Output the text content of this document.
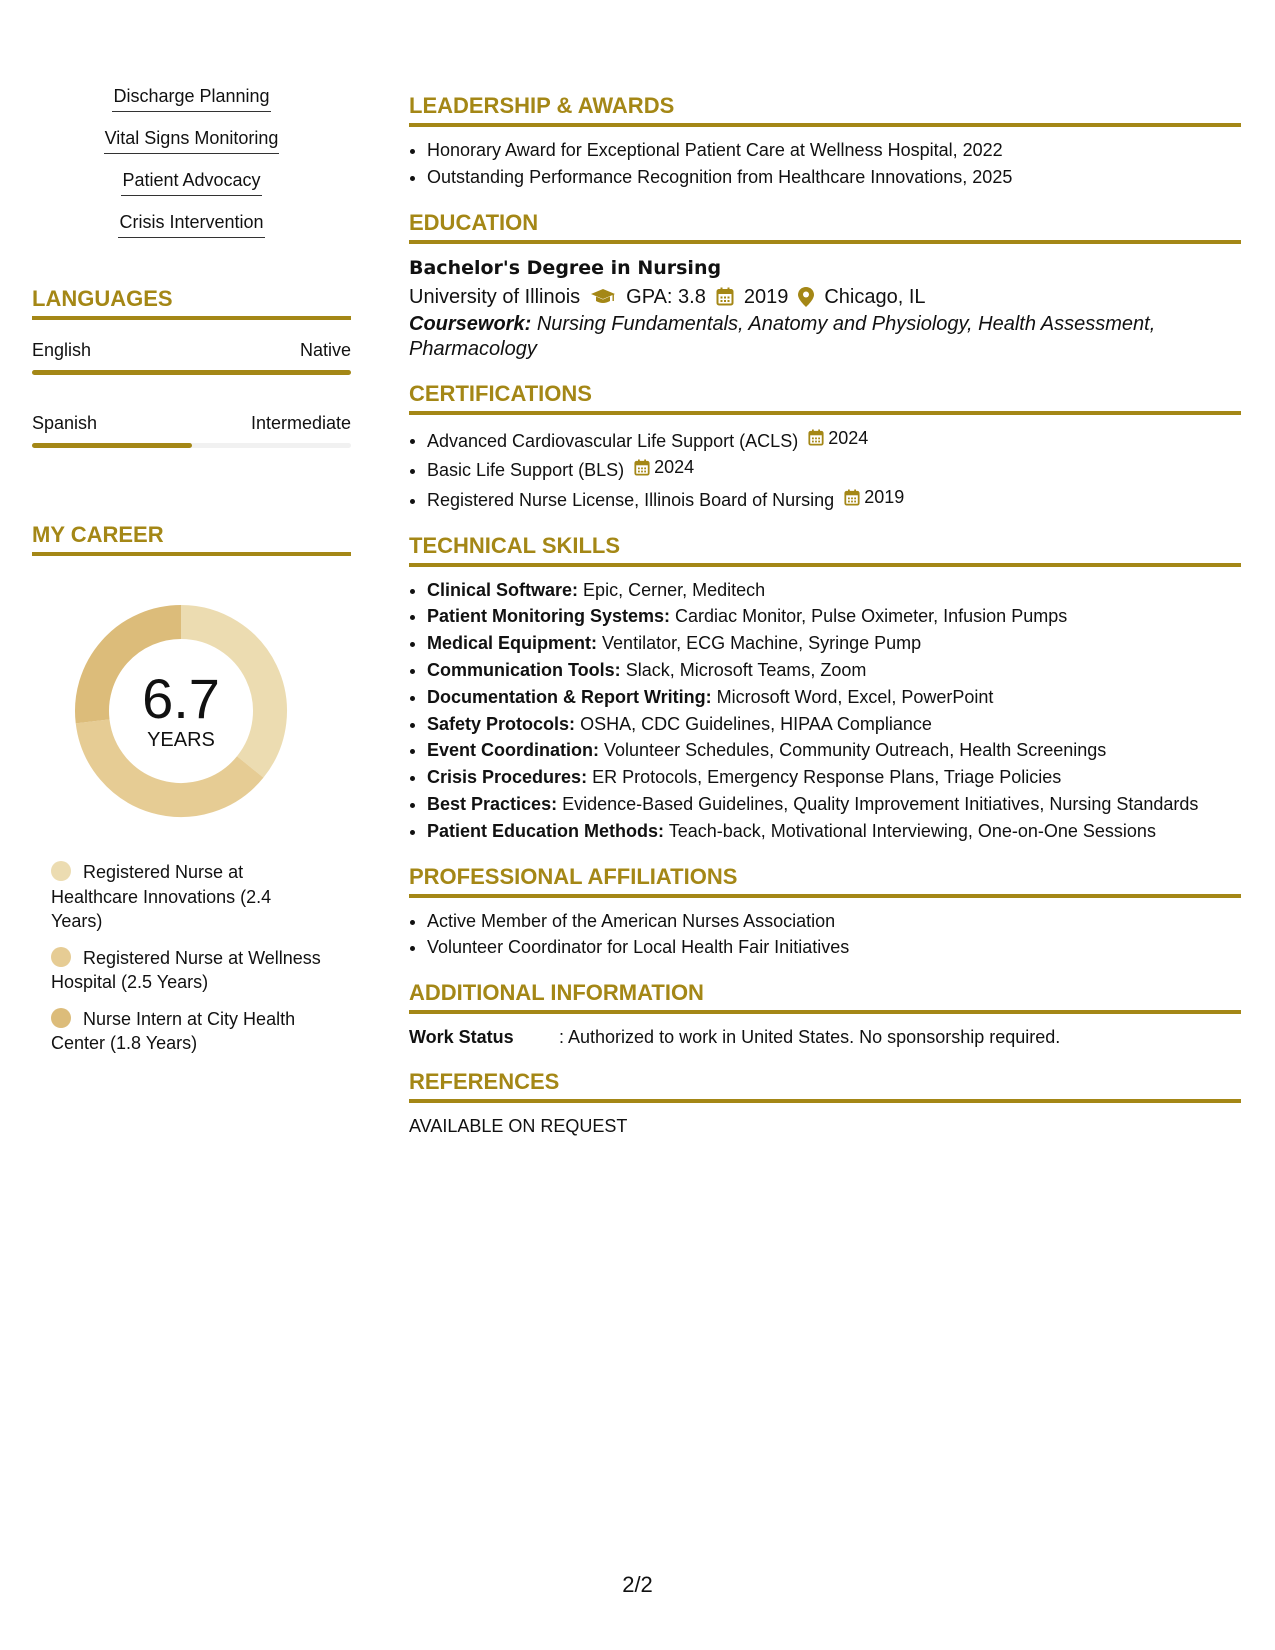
Discharge Planning
Vital Signs Monitoring
Patient Advocacy
Crisis Intervention
LANGUAGES
English	Native
Spanish	Intermediate
MY CAREER
6.7
YEARS
Registered Nurse at Healthcare Innovations (2.4 Years)
Registered Nurse at Wellness Hospital (2.5 Years)
Nurse Intern at City Health Center (1.8 Years)
LEADERSHIP & AWARDS
• Honorary Award for Exceptional Patient Care at Wellness Hospital, 2022
• Outstanding Performance Recognition from Healthcare Innovations, 2025
EDUCATION
Bachelor's Degree in Nursing
University of Illinois GPA: 3.8 2019 Chicago, IL
Coursework: Nursing Fundamentals, Anatomy and Physiology, Health Assessment, Pharmacology
CERTIFICATIONS
• Advanced Cardiovascular Life Support (ACLS) 2024
• Basic Life Support (BLS) 2024
• Registered Nurse License, Illinois Board of Nursing 2019
TECHNICAL SKILLS
• Clinical Software: Epic, Cerner, Meditech
• Patient Monitoring Systems: Cardiac Monitor, Pulse Oximeter, Infusion Pumps
• Medical Equipment: Ventilator, ECG Machine, Syringe Pump
• Communication Tools: Slack, Microsoft Teams, Zoom
• Documentation & Report Writing: Microsoft Word, Excel, PowerPoint
• Safety Protocols: OSHA, CDC Guidelines, HIPAA Compliance
• Event Coordination: Volunteer Schedules, Community Outreach, Health Screenings
• Crisis Procedures: ER Protocols, Emergency Response Plans, Triage Policies
• Best Practices: Evidence-Based Guidelines, Quality Improvement Initiatives, Nursing Standards
• Patient Education Methods: Teach-back, Motivational Interviewing, One-on-One Sessions
PROFESSIONAL AFFILIATIONS
• Active Member of the American Nurses Association
• Volunteer Coordinator for Local Health Fair Initiatives
ADDITIONAL INFORMATION
Work Status	: Authorized to work in United States. No sponsorship required.
REFERENCES
AVAILABLE ON REQUEST
2/2
